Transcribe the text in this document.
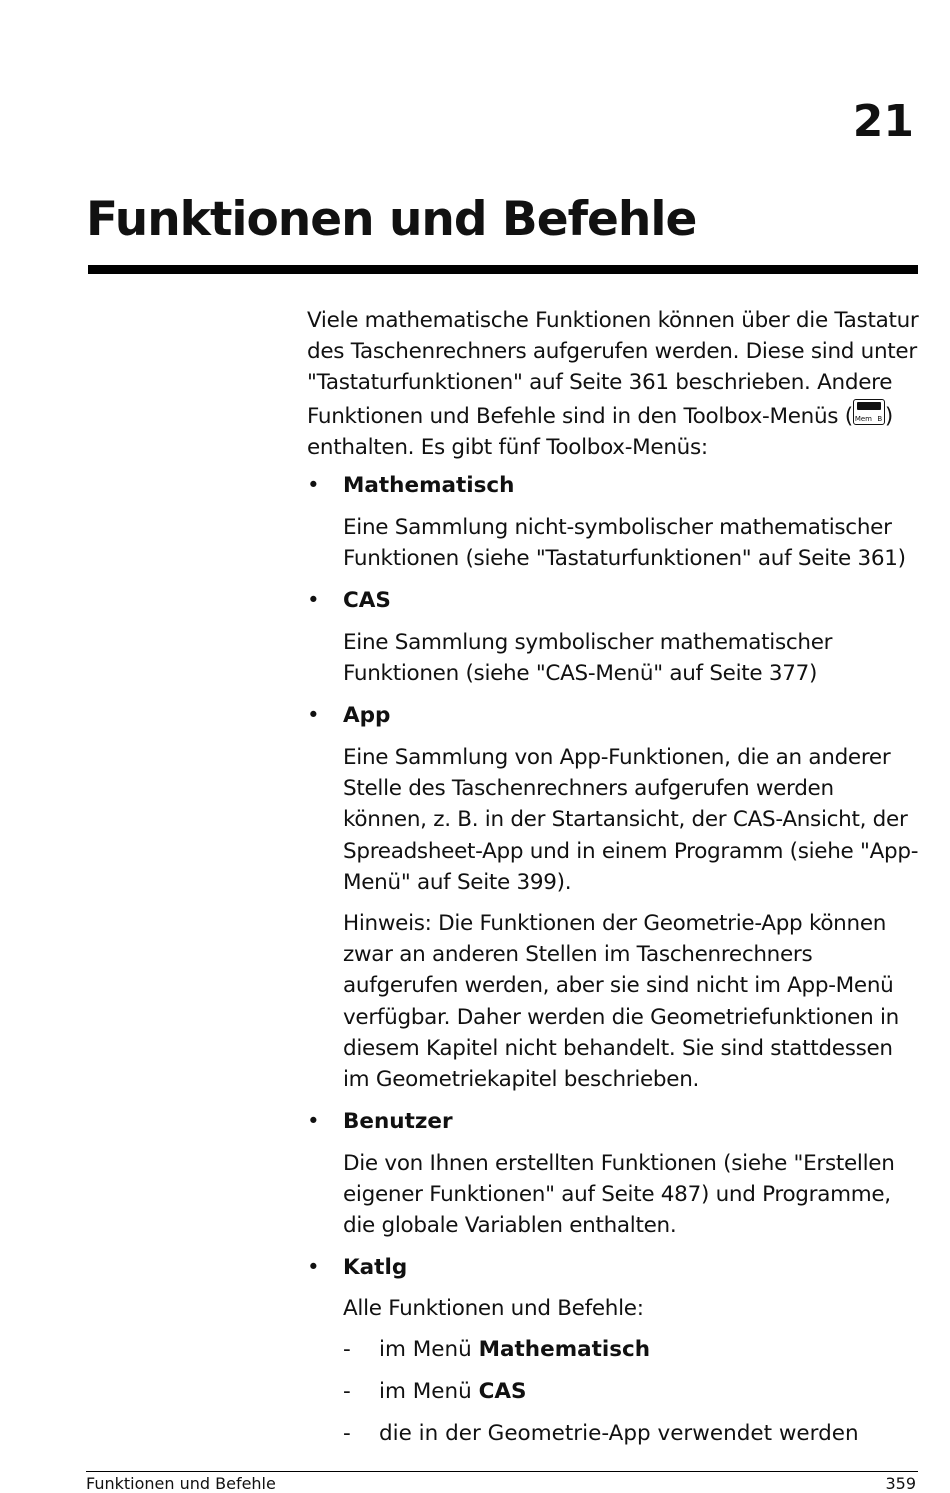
21
Funktionen und Befehle

Viele mathematische Funktionen können über die Tastatur des Taschenrechners aufgerufen werden. Diese sind unter "Tastaturfunktionen" auf Seite 361 beschrieben. Andere Funktionen und Befehle sind in den Toolbox-Menüs ( Mem B ) enthalten. Es gibt fünf Toolbox-Menüs:

•	Mathematisch

Eine Sammlung nicht-symbolischer mathematischer Funktionen (siehe "Tastaturfunktionen" auf Seite 361)

•	CAS

Eine Sammlung symbolischer mathematischer Funktionen (siehe "CAS-Menü" auf Seite 377)

•	App

Eine Sammlung von App-Funktionen, die an anderer Stelle des Taschenrechners aufgerufen werden können, z. B. in der Startansicht, der CAS-Ansicht, der Spreadsheet-App und in einem Programm (siehe "App-Menü" auf Seite 399).

Hinweis: Die Funktionen der Geometrie-App können zwar an anderen Stellen im Taschenrechners aufgerufen werden, aber sie sind nicht im App-Menü verfügbar. Daher werden die Geometriefunktionen in diesem Kapitel nicht behandelt. Sie sind stattdessen im Geometriekapitel beschrieben.

•	Benutzer

Die von Ihnen erstellten Funktionen (siehe "Erstellen eigener Funktionen" auf Seite 487) und Programme, die globale Variablen enthalten.

•	Katlg

Alle Funktionen und Befehle:

-	im Menü Mathematisch
-	im Menü CAS
-	die in der Geometrie-App verwendet werden
Funktionen und Befehle	359
